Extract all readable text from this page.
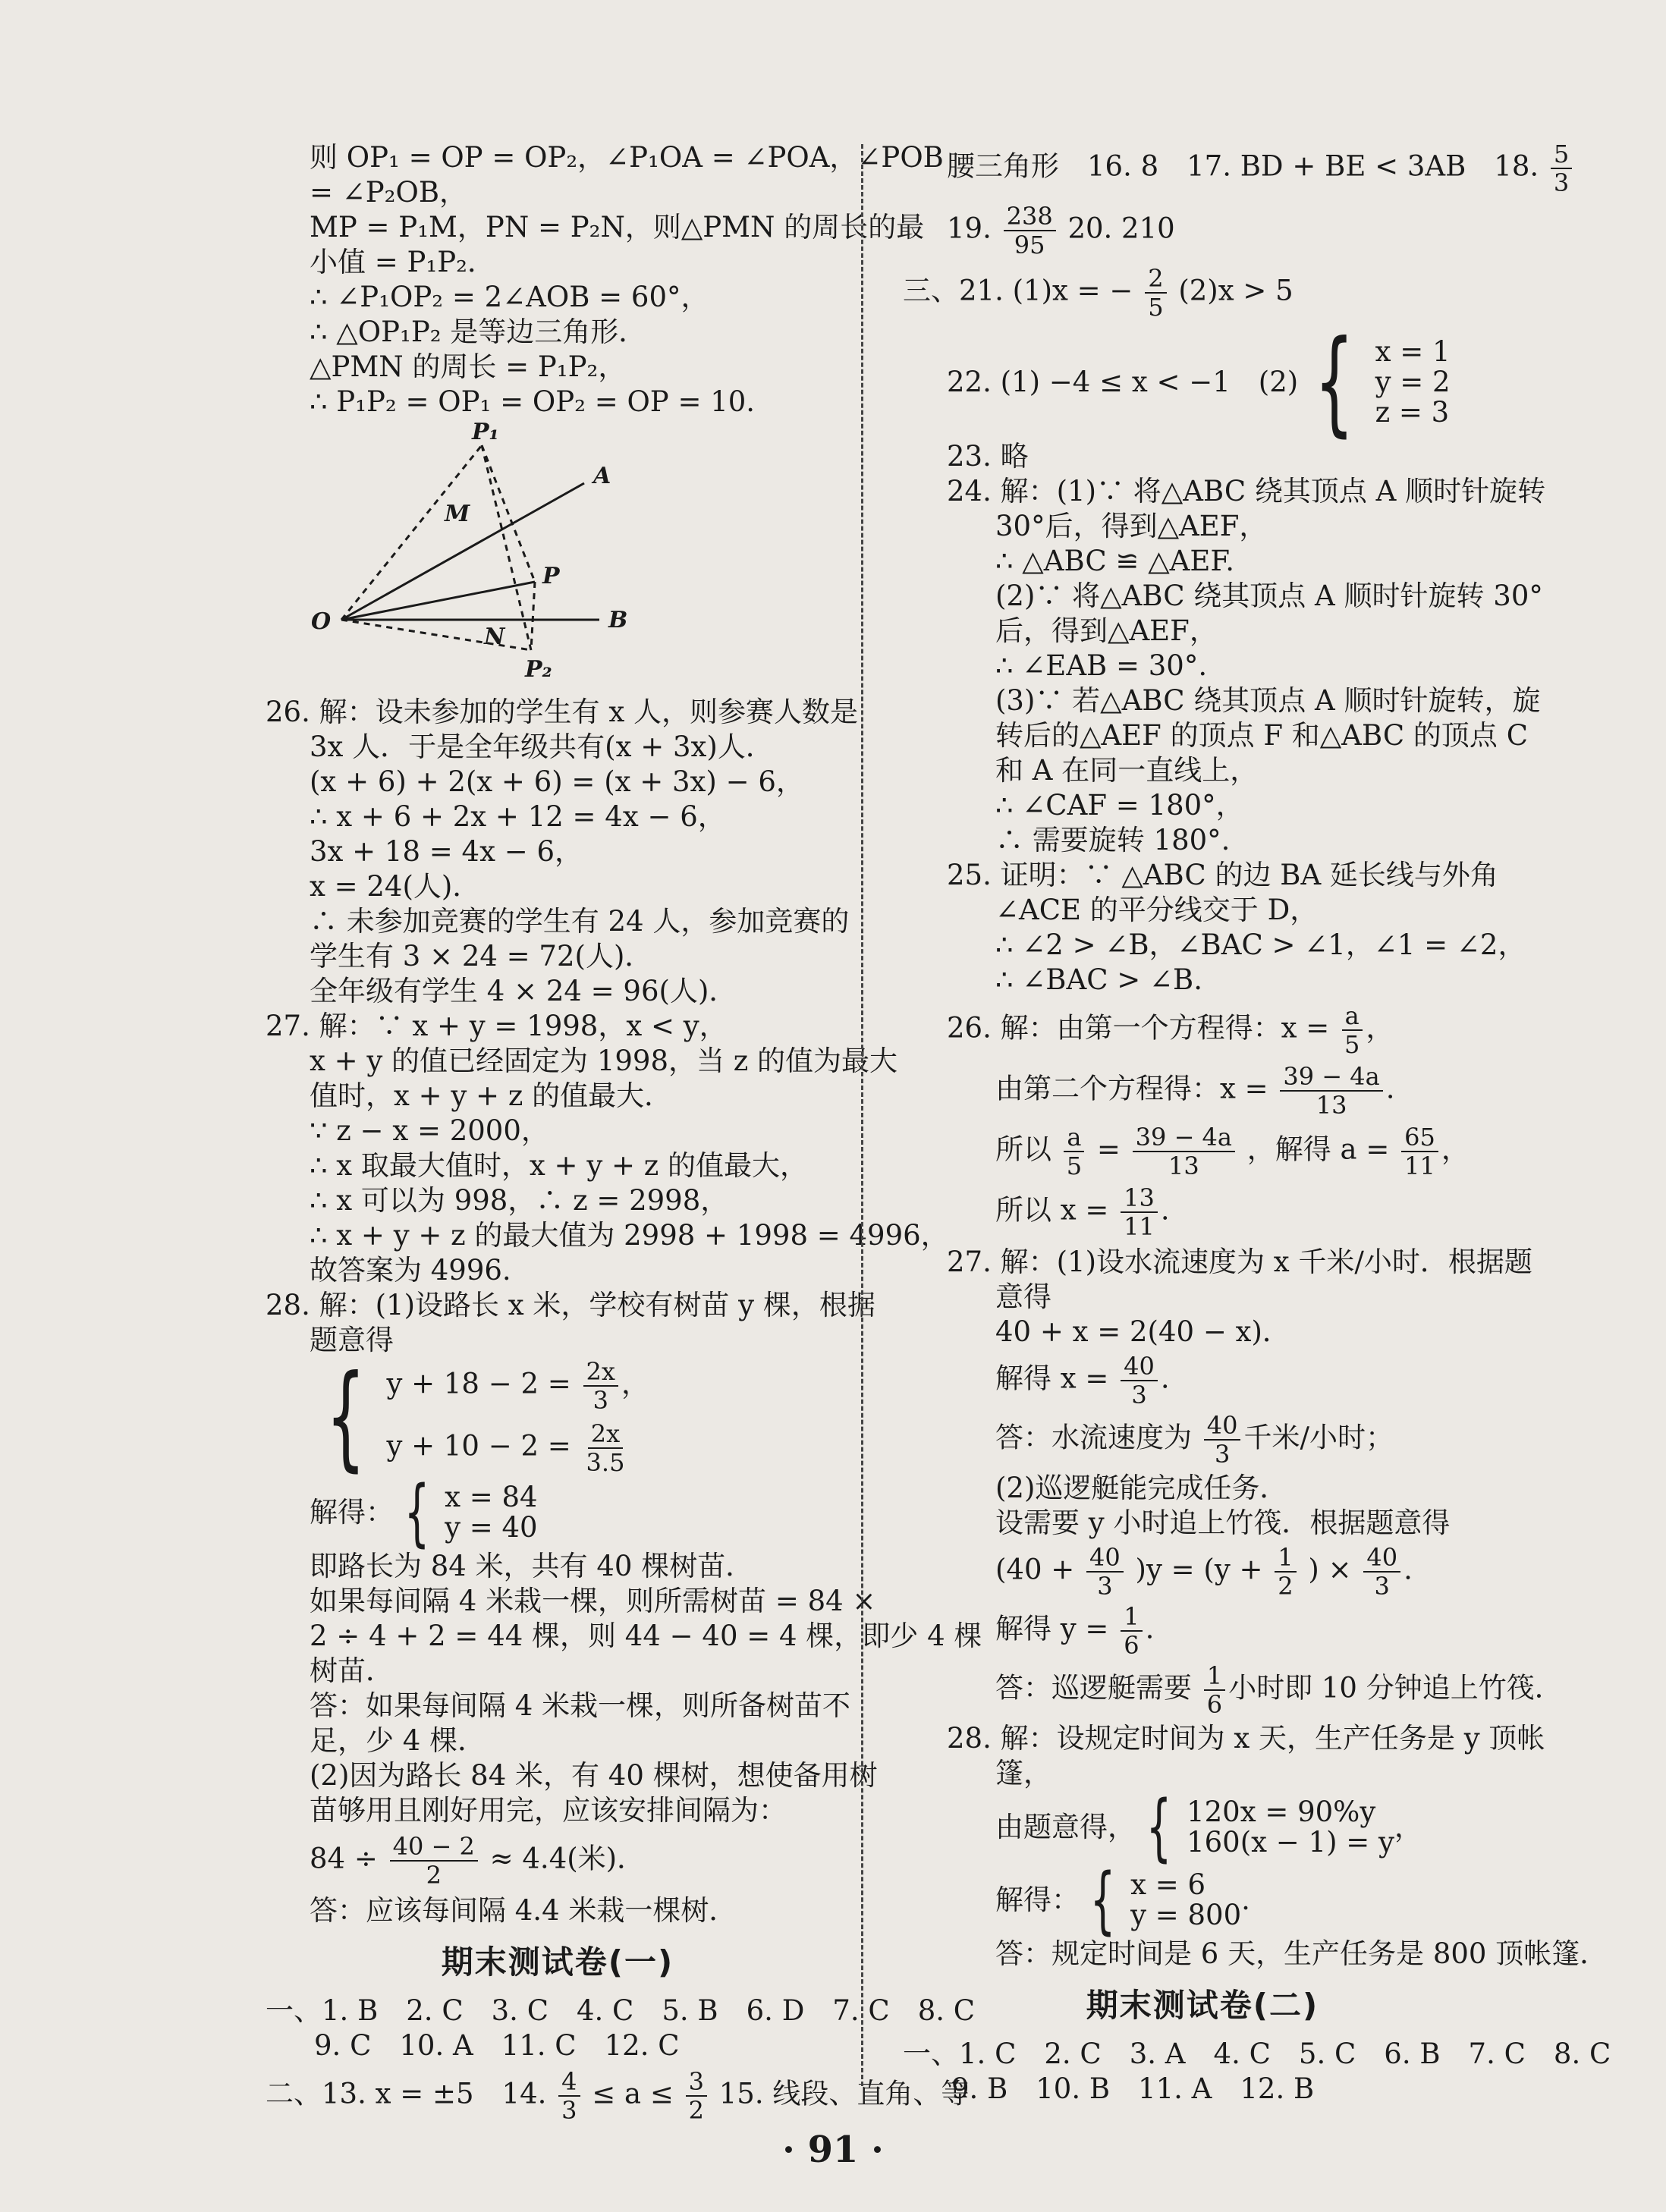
则 OP₁ = OP = OP₂，∠P₁OA = ∠POA，∠POB
= ∠P₂OB，
MP = P₁M，PN = P₂N，则△PMN 的周长的最
小值 = P₁P₂．
∴ ∠P₁OP₂ = 2∠AOB = 60°，
∴ △OP₁P₂ 是等边三角形．
△PMN 的周长 = P₁P₂，
∴ P₁P₂ = OP₁ = OP₂ = OP = 10.
P₁
A
M
P
O
N
B
P₂
26. 解：设未参加的学生有 x 人，则参赛人数是
3x 人．于是全年级共有(x + 3x)人．
(x + 6) + 2(x + 6) = (x + 3x) − 6，
∴ x + 6 + 2x + 12 = 4x − 6，
3x + 18 = 4x − 6，
x = 24(人)．
∴ 未参加竞赛的学生有 24 人，参加竞赛的
学生有 3 × 24 = 72(人)．
全年级有学生 4 × 24 = 96(人)．
27. 解：∵ x + y = 1998，x < y，
x + y 的值已经固定为 1998，当 z 的值为最大
值时，x + y + z 的值最大．
∵ z − x = 2000，
∴ x 取最大值时，x + y + z 的值最大，
∴ x 可以为 998，∴ z = 2998，
∴ x + y + z 的最大值为 2998 + 1998 = 4996，
故答案为 4996.
28. 解：(1)设路长 x 米，学校有树苗 y 棵，根据
题意得
{ $y + 18 - 2 = \frac{2x}{3}$ ，
$y + 10 - 2 = \frac{2x}{3.5}$
解得： { x = 84
y = 40
即路长为 84 米，共有 40 棵树苗．
如果每间隔 4 米栽一棵，则所需树苗 = 84 ×
2 ÷ 4 + 2 = 44 棵，则 44 − 40 = 4 棵，即少 4 棵
树苗．
答：如果每间隔 4 米栽一棵，则所备树苗不
足，少 4 棵．
(2)因为路长 84 米，有 40 棵树，想使备用树
苗够用且刚好用完，应该安排间隔为：
$84 \div \frac{40 - 2}{2} \approx 4.4$(米)．
答：应该每间隔 4.4 米栽一棵树．
期末测试卷(一)
一、1. B　2. C　3. C　4. C　5. B　6. D　7. C　8. C
9. C　10. A　11. C　12. C
二、13. x = ±5　14. $\frac{4}{3} \le a \le \frac{3}{2} 15$. 线段、直角、等
腰三角形　16. 8　17. BD + BE < 3AB　18. $\frac{5}{3}$
19. $\frac{238}{95} 20$. 210
三、21. (1)x = − $\frac{2}{5} (2)x > 5$
22. (1) −4 ≤ x < −1　(2) { x = 1
y = 2
z = 3
23. 略
24. 解：(1)∵ 将△ABC 绕其顶点 A 顺时针旋转
30°后，得到△AEF，
∴ △ABC ≌ △AEF.
(2)∵ 将△ABC 绕其顶点 A 顺时针旋转 30°
后，得到△AEF，
∴ ∠EAB = 30°.
(3)∵ 若△ABC 绕其顶点 A 顺时针旋转，旋
转后的△AEF 的顶点 F 和△ABC 的顶点 C
和 A 在同一直线上，
∴ ∠CAF = 180°，
∴ 需要旋转 180°.
25. 证明：∵ △ABC 的边 BA 延长线与外角
∠ACE 的平分线交于 D，
∴ ∠2 > ∠B，∠BAC > ∠1，∠1 = ∠2，
∴ ∠BAC > ∠B.
26. 解：由第一个方程得：$x = \frac{a}{5}$ ，
由第二个方程得：$x = \frac{39 - 4a}{13}$ .
所以 $\frac{a}{5} = \frac{39 - 4a}{13}$ ，解得 $a = \frac{65}{11}$ ，
所以 $x = \frac{13}{11}$ .
27. 解：(1)设水流速度为 x 千米/小时．根据题
意得
40 + x = 2(40 − x)．
解得 $x = \frac{40}{3}$ .
答：水流速度为 $\frac{40}{3}$ 千米/小时；
(2)巡逻艇能完成任务．
设需要 y 小时追上竹筏．根据题意得
$(40 + \frac{40}{3} )y = (y + \frac{1}{2}$ ) × $\frac{40}{3}$ .
解得 $y = \frac{1}{6}$ .
答：巡逻艇需要 $\frac{1}{6}$ 小时即 10 分钟追上竹筏．
28. 解：设规定时间为 x 天，生产任务是 y 顶帐
篷，
由题意得， { 120x = 90%y
160(x − 1) = y ，
解得： { x = 6
y = 800 .
答：规定时间是 6 天，生产任务是 800 顶帐篷．
期末测试卷(二)
一、1. C　2. C　3. A　4. C　5. C　6. B　7. C　8. C
9. B　10. B　11. A　12. B
· 91 ·
